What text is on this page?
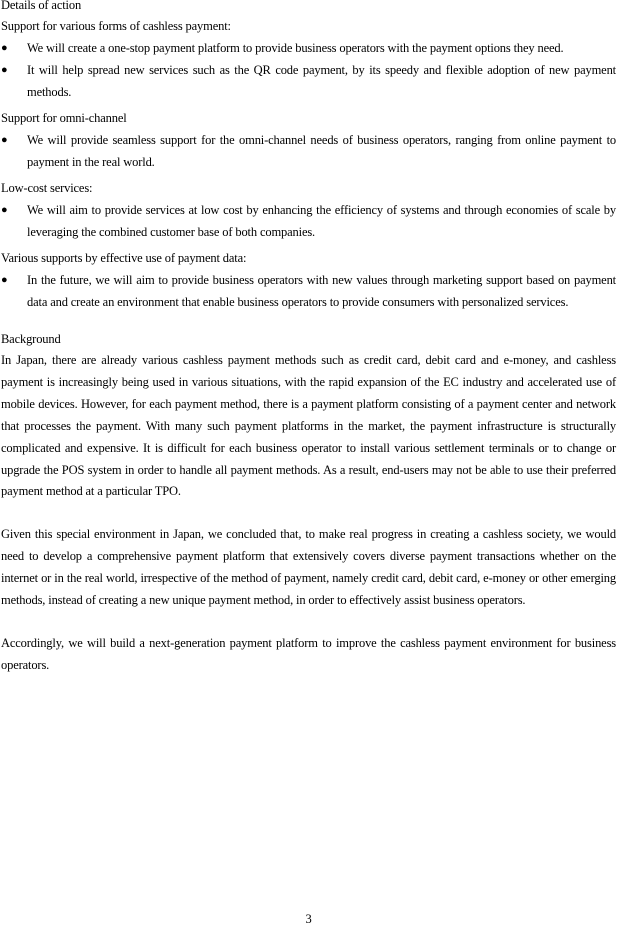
Details of action

Support for various forms of cashless payment:

●	We will create a one-stop payment platform to provide business operators with the payment options they need.
●	It will help spread new services such as the QR code payment, by its speedy and flexible adoption of new payment methods.

Support for omni-channel

●	We will provide seamless support for the omni-channel needs of business operators, ranging from online payment to payment in the real world.

Low-cost services:

●	We will aim to provide services at low cost by enhancing the efficiency of systems and through economies of scale by leveraging the combined customer base of both companies.

Various supports by effective use of payment data:

●	In the future, we will aim to provide business operators with new values through marketing support based on payment data and create an environment that enable business operators to provide consumers with personalized services.

Background

In Japan, there are already various cashless payment methods such as credit card, debit card and e-money, and cashless payment is increasingly being used in various situations, with the rapid expansion of the EC industry and accelerated use of mobile devices. However, for each payment method, there is a payment platform consisting of a payment center and network that processes the payment. With many such payment platforms in the market, the payment infrastructure is structurally complicated and expensive. It is difficult for each business operator to install various settlement terminals or to change or upgrade the POS system in order to handle all payment methods. As a result, end-users may not be able to use their preferred payment method at a particular TPO.

Given this special environment in Japan, we concluded that, to make real progress in creating a cashless society, we would need to develop a comprehensive payment platform that extensively covers diverse payment transactions whether on the internet or in the real world, irrespective of the method of payment, namely credit card, debit card, e-money or other emerging methods, instead of creating a new unique payment method, in order to effectively assist business operators.

Accordingly, we will build a next-generation payment platform to improve the cashless payment environment for business operators.

3
